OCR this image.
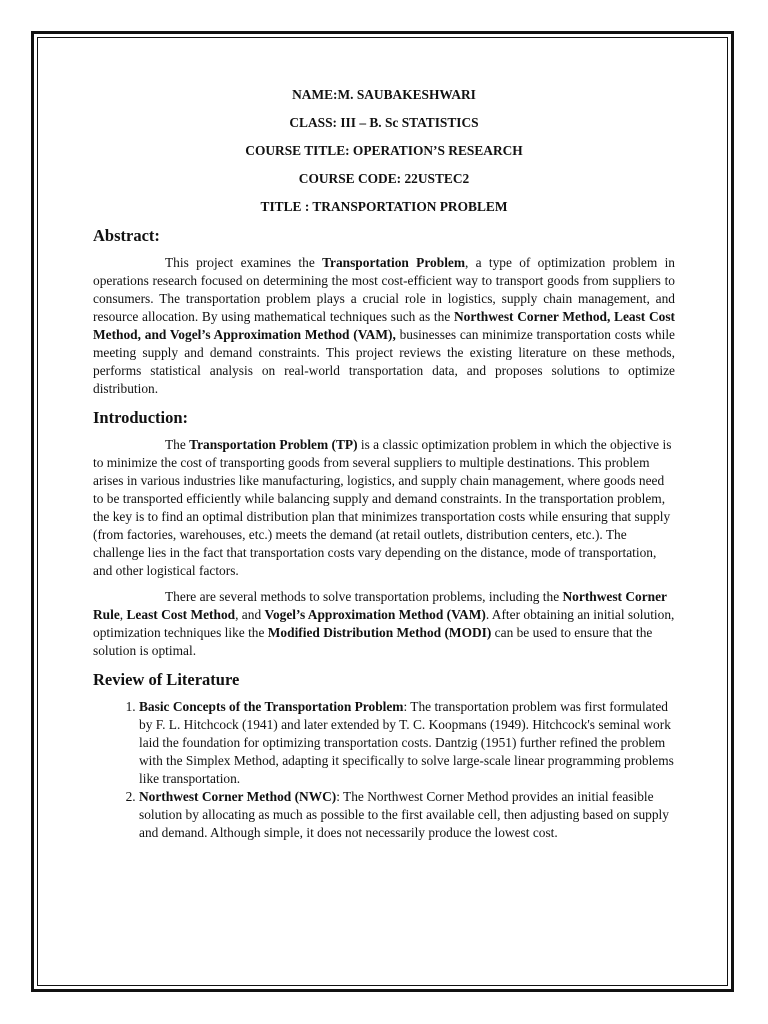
NAME:M. SAUBAKESHWARI
CLASS: III – B. Sc STATISTICS
COURSE TITLE: OPERATION’S RESEARCH
COURSE CODE: 22USTEC2
TITLE : TRANSPORTATION PROBLEM
Abstract:

This project examines the Transportation Problem, a type of optimization problem in operations research focused on determining the most cost-efficient way to transport goods from suppliers to consumers. The transportation problem plays a crucial role in logistics, supply chain management, and resource allocation. By using mathematical techniques such as the Northwest Corner Method, Least Cost Method, and Vogel’s Approximation Method (VAM), businesses can minimize transportation costs while meeting supply and demand constraints. This project reviews the existing literature on these methods, performs statistical analysis on real-world transportation data, and proposes solutions to optimize distribution.

Introduction:

The Transportation Problem (TP) is a classic optimization problem in which the objective is to minimize the cost of transporting goods from several suppliers to multiple destinations. This problem arises in various industries like manufacturing, logistics, and supply chain management, where goods need to be transported efficiently while balancing supply and demand constraints. In the transportation problem, the key is to find an optimal distribution plan that minimizes transportation costs while ensuring that supply (from factories, warehouses, etc.) meets the demand (at retail outlets, distribution centers, etc.). The challenge lies in the fact that transportation costs vary depending on the distance, mode of transportation, and other logistical factors.

There are several methods to solve transportation problems, including the Northwest Corner Rule, Least Cost Method, and Vogel’s Approximation Method (VAM). After obtaining an initial solution, optimization techniques like the Modified Distribution Method (MODI) can be used to ensure that the solution is optimal.

Review of Literature
1. Basic Concepts of the Transportation Problem: The transportation problem was first formulated by F. L. Hitchcock (1941) and later extended by T. C. Koopmans (1949). Hitchcock's seminal work laid the foundation for optimizing transportation costs. Dantzig (1951) further refined the problem with the Simplex Method, adapting it specifically to solve large-scale linear programming problems like transportation.
2. Northwest Corner Method (NWC): The Northwest Corner Method provides an initial feasible solution by allocating as much as possible to the first available cell, then adjusting based on supply and demand. Although simple, it does not necessarily produce the lowest cost.
